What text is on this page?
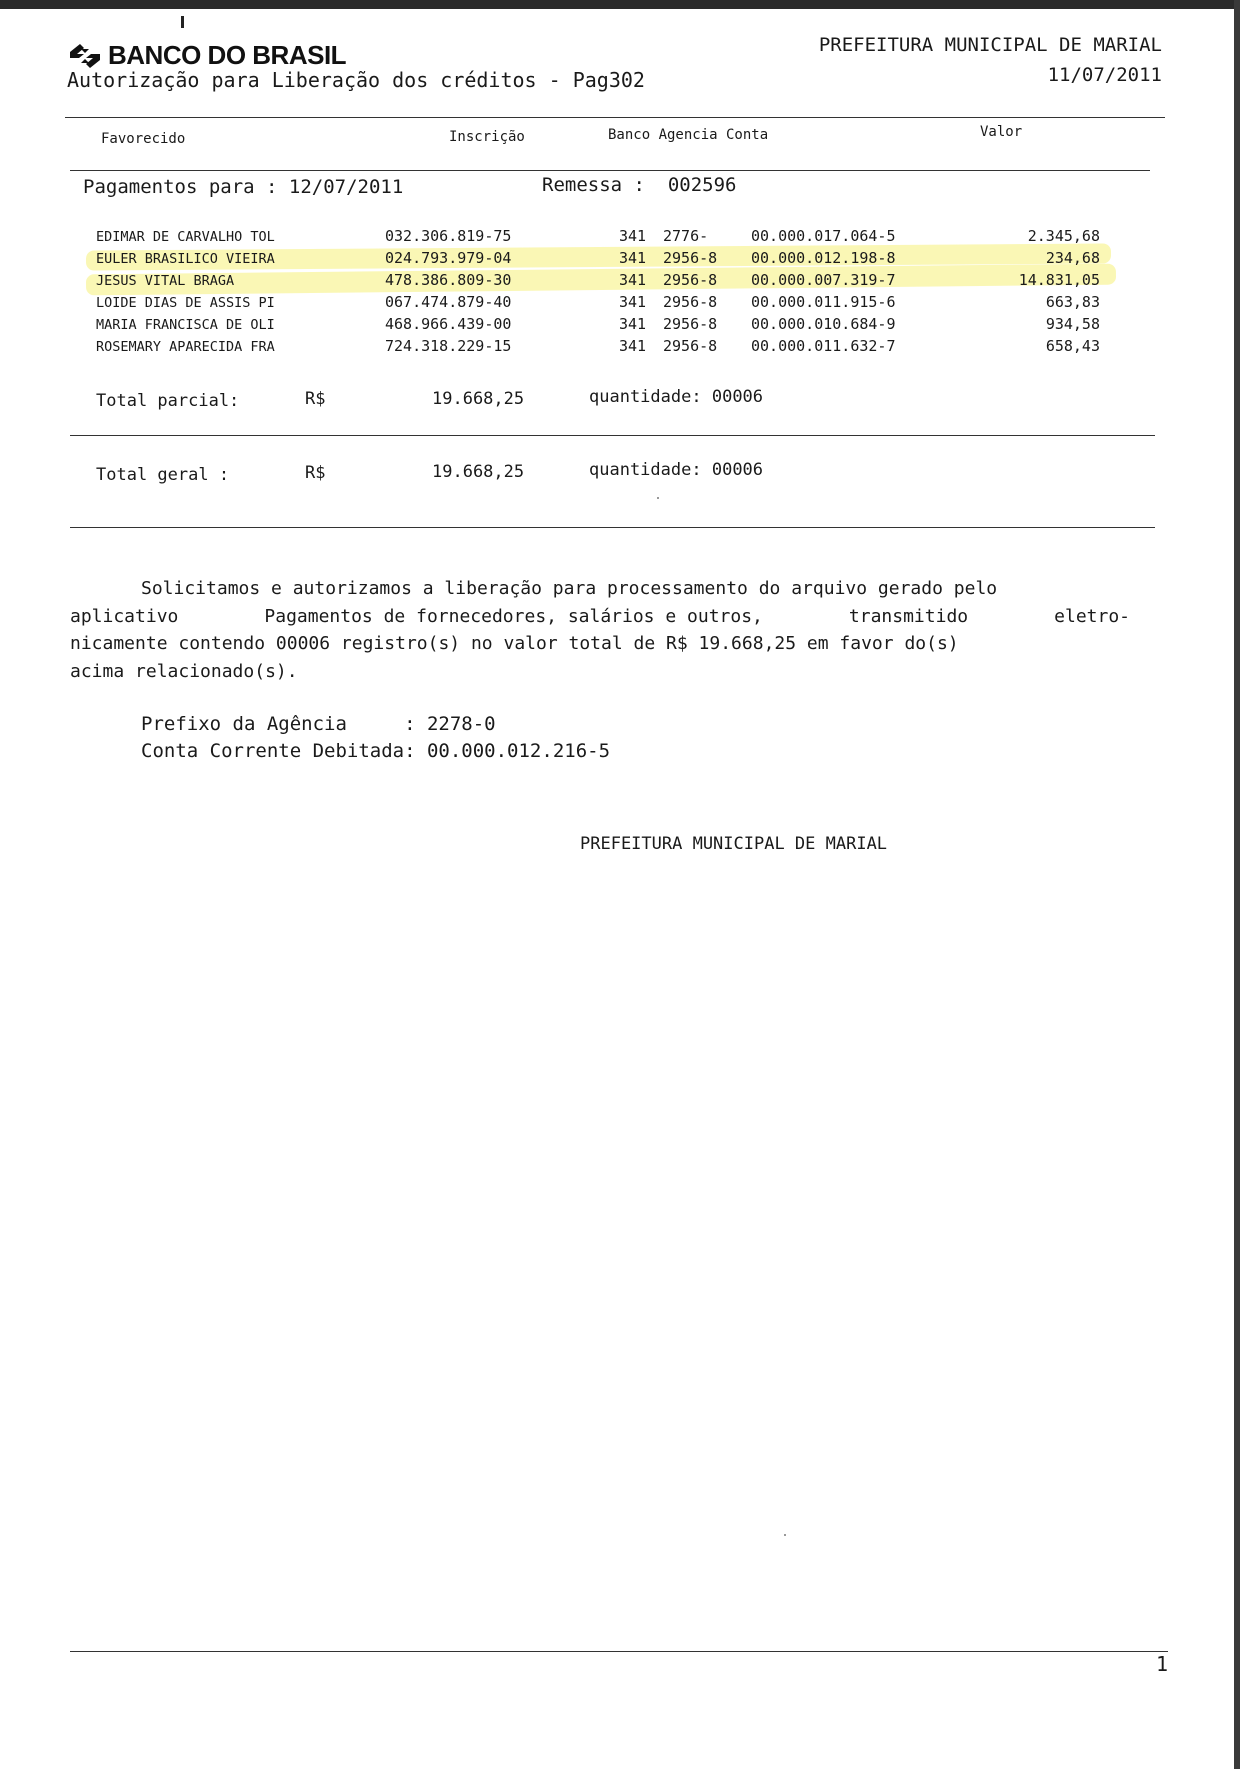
BANCO DO BRASIL
Autorização para Liberação dos créditos - Pag302
PREFEITURA MUNICIPAL DE MARIAL
11/07/2011
Favorecido	Inscrição	Banco Agencia Conta	Valor
Pagamentos para : 12/07/2011	Remessa : 002596
EDIMAR DE CARVALHO TOL	032.306.819-75	341 2776-	00.000.017.064-5	2.345,68
EULER BRASILICO VIEIRA	024.793.979-04	341 2956-8 00.000.012.198-8	234,68
JESUS VITAL BRAGA	478.386.809-30	341 2956-8 00.000.007.319-7	14.831,05
LOIDE DIAS DE ASSIS PI	067.474.879-40	341 2956-8 00.000.011.915-6	663,83
MARIA FRANCISCA DE OLI	468.966.439-00	341 2956-8 00.000.010.684-9	934,58
ROSEMARY APARECIDA FRA	724.318.229-15	341 2956-8 00.000.011.632-7	658,43
Total parcial:	R$	19.668,25	quantidade: 00006
Total geral :	R$	19.668,25	quantidade: 00006
Solicitamos e autorizamos a liberação para processamento do arquivo gerado pelo
aplicativo	Pagamentos de fornecedores, salários e outros,	transmitido	eletro-
nicamente contendo 00006 registro(s) no valor total de R$ 19.668,25 em favor do(s)
acima relacionado(s).
Prefixo da Agência     : 2278-0
Conta Corrente Debitada: 00.000.012.216-5
PREFEITURA MUNICIPAL DE MARIAL
1
